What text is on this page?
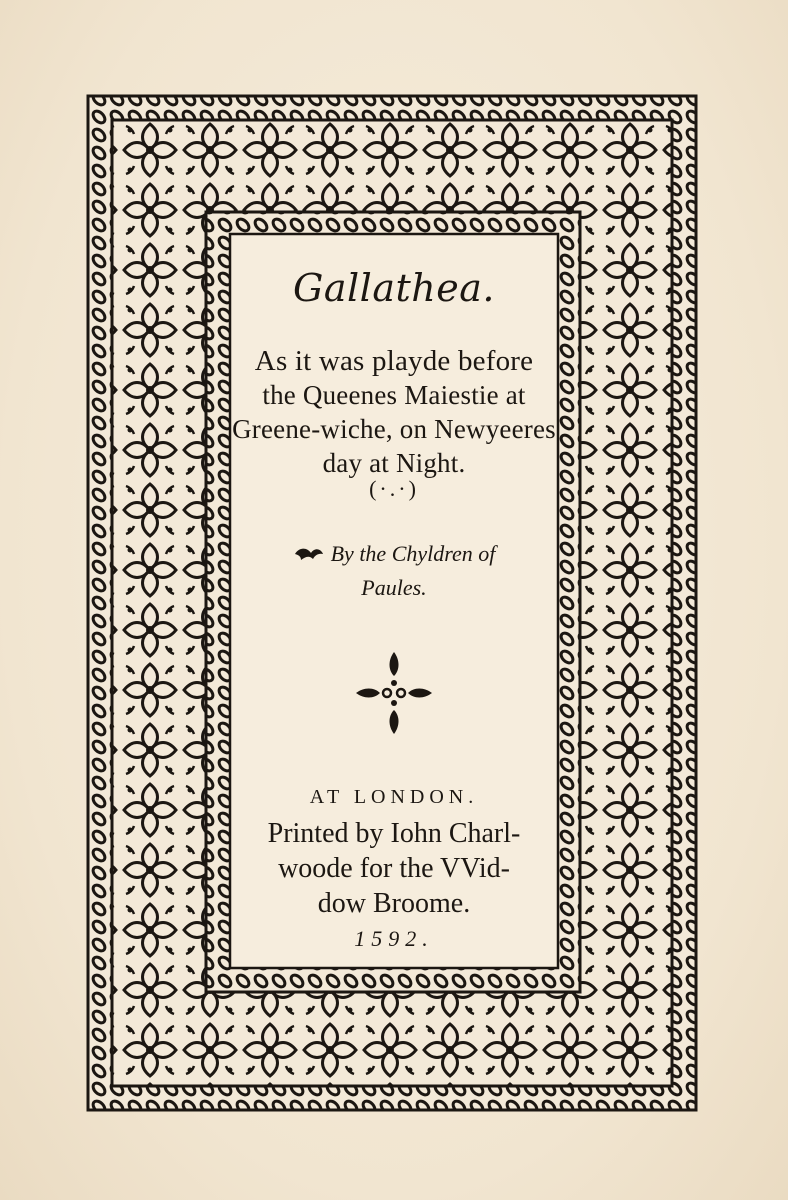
Gallathea.
As it was playde before
the Queenes Maiestie at
Greene-wiche, on Newyeeres
day at Night.
(·.·)
By the Chyldren of
Paules.
AT LONDON.
Printed by Iohn Charl-
woode for the VVid-
dow Broome.
1592.
